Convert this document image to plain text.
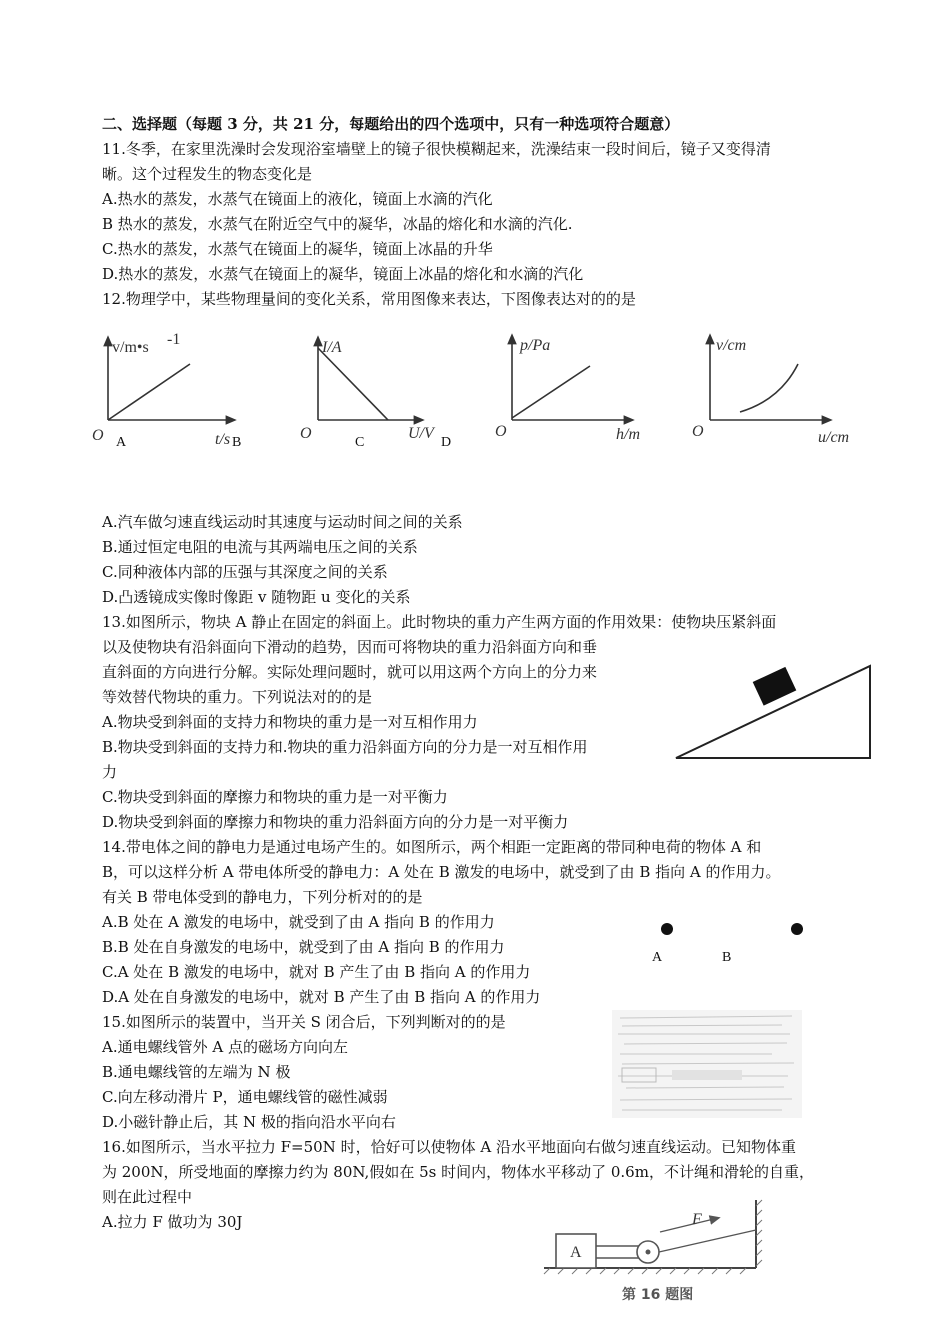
二、选择题（每题 3 分，共 21 分，每题给出的四个选项中，只有一种选项符合题意）
11.冬季，在家里洗澡时会发现浴室墙壁上的镜子很快模糊起来，洗澡结束一段时间后，镜子又变得清
晰。这个过程发生的物态变化是
A.热水的蒸发，水蒸气在镜面上的液化，镜面上水滴的汽化
B 热水的蒸发，水蒸气在附近空气中的凝华，冰晶的熔化和水滴的汽化.
C.热水的蒸发，水蒸气在镜面上的凝华，镜面上冰晶的升华
D.热水的蒸发，水蒸气在镜面上的凝华，镜面上冰晶的熔化和水滴的汽化
12.物理学中，某些物理量间的变化关系，常用图像来表达，下图像表达对的的是
v/m•s -1
O	t/s
I/A
O	U/V
p/Pa
O	h/m
v/cm
O	u/cm
A	B	C	D
A.汽车做匀速直线运动时其速度与运动时间之间的关系
B.通过恒定电阻的电流与其两端电压之间的关系
C.同种液体内部的压强与其深度之间的关系
D.凸透镜成实像时像距 v 随物距 u 变化的关系
13.如图所示，物块 A 静止在固定的斜面上。此时物块的重力产生两方面的作用效果：使物块压紧斜面
以及使物块有沿斜面向下滑动的趋势，因而可将物块的重力沿斜面方向和垂
直斜面的方向进行分解。实际处理问题时，就可以用这两个方向上的分力来
等效替代物块的重力。下列说法对的的是
A.物块受到斜面的支持力和物块的重力是一对互相作用力
B.物块受到斜面的支持力和.物块的重力沿斜面方向的分力是一对互相作用
力
C.物块受到斜面的摩擦力和物块的重力是一对平衡力
D.物块受到斜面的摩擦力和物块的重力沿斜面方向的分力是一对平衡力
14.带电体之间的静电力是通过电场产生的。如图所示，两个相距一定距离的带同种电荷的物体 A 和
B，可以这样分析 A 带电体所受的静电力：A 处在 B 激发的电场中，就受到了由 B 指向 A 的作用力。
有关 B 带电体受到的静电力，下列分析对的的是
A.B 处在 A 激发的电场中，就受到了由 A 指向 B 的作用力
B.B 处在自身激发的电场中，就受到了由 A 指向 B 的作用力
C.A 处在 B 激发的电场中，就对 B 产生了由 B 指向 A 的作用力
D.A 处在自身激发的电场中，就对 B 产生了由 B 指向 A 的作用力
A	B
15.如图所示的装置中，当开关 S 闭合后，下列判断对的的是
A.通电螺线管外 A 点的磁场方向向左
B.通电螺线管的左端为 N 极
C.向左移动滑片 P，通电螺线管的磁性减弱
D.小磁针静止后，其 N 极的指向沿水平向右
16.如图所示，当水平拉力 F=50N 时，恰好可以使物体 A 沿水平地面向右做匀速直线运动。已知物体重
为 200N，所受地面的摩擦力约为 80N,假如在 5s 时间内，物体水平移动了 0.6m，不计绳和滑轮的自重，
则在此过程中
A.拉力 F 做功为 30J
A
F
第 16 题图
